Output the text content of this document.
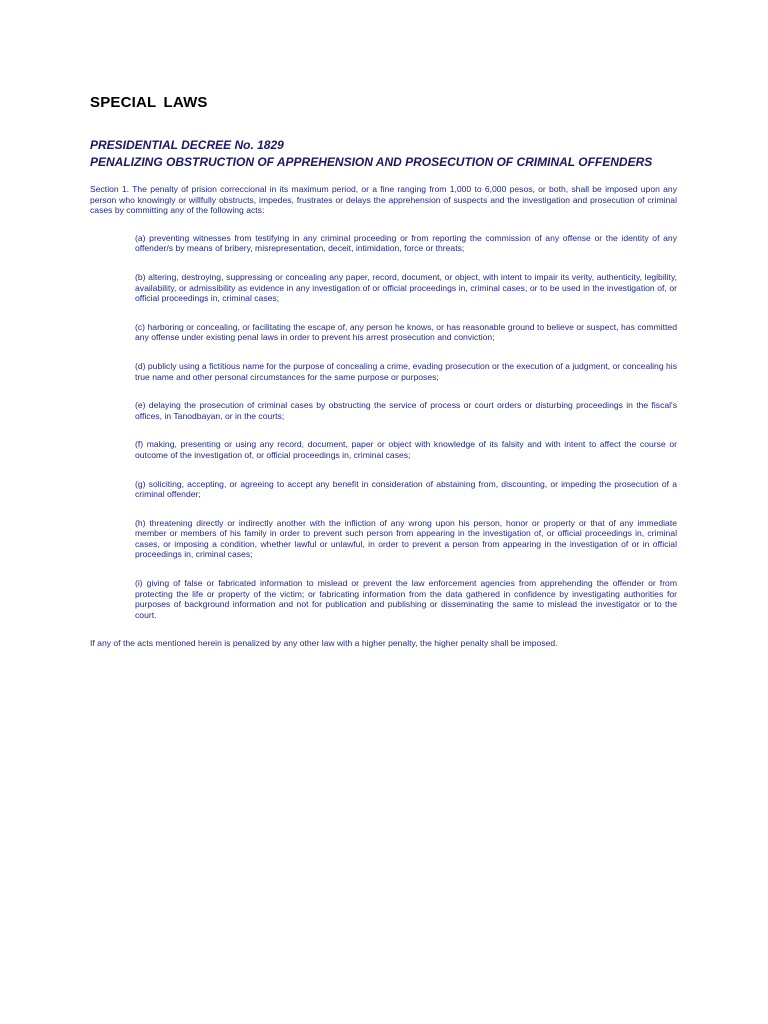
SPECIAL LAWS

PRESIDENTIAL DECREE No. 1829

PENALIZING OBSTRUCTION OF APPREHENSION AND PROSECUTION OF CRIMINAL OFFENDERS

Section 1. The penalty of prision correccional in its maximum period, or a fine ranging from 1,000 to 6,000 pesos, or both, shall be imposed upon any person who knowingly or willfully obstructs, impedes, frustrates or delays the apprehension of suspects and the investigation and prosecution of criminal cases by committing any of the following acts:

(a) preventing witnesses from testifying in any criminal proceeding or from reporting the commission of any offense or the identity of any offender/s by means of bribery, misrepresentation, deceit, intimidation, force or threats;

(b) altering, destroying, suppressing or concealing any paper, record, document, or object, with intent to impair its verity, authenticity, legibility, availability, or admissibility as evidence in any investigation of or official proceedings in, criminal cases, or to be used in the investigation of, or official proceedings in, criminal cases;

(c) harboring or concealing, or facilitating the escape of, any person he knows, or has reasonable ground to believe or suspect, has committed any offense under existing penal laws in order to prevent his arrest prosecution and conviction;

(d) publicly using a fictitious name for the purpose of concealing a crime, evading prosecution or the execution of a judgment, or concealing his true name and other personal circumstances for the same purpose or purposes;

(e) delaying the prosecution of criminal cases by obstructing the service of process or court orders or disturbing proceedings in the fiscal's offices, in Tanodbayan, or in the courts;

(f) making, presenting or using any record, document, paper or object with knowledge of its falsity and with intent to affect the course or outcome of the investigation of, or official proceedings in, criminal cases;

(g) soliciting, accepting, or agreeing to accept any benefit in consideration of abstaining from, discounting, or impeding the prosecution of a criminal offender;

(h) threatening directly or indirectly another with the infliction of any wrong upon his person, honor or property or that of any immediate member or members of his family in order to prevent such person from appearing in the investigation of, or official proceedings in, criminal cases, or imposing a condition, whether lawful or unlawful, in order to prevent a person from appearing in the investigation of or in official proceedings in, criminal cases;

(i) giving of false or fabricated information to mislead or prevent the law enforcement agencies from apprehending the offender or from protecting the life or property of the victim; or fabricating information from the data gathered in confidence by investigating authorities for purposes of background information and not for publication and publishing or disseminating the same to mislead the investigator or to the court.

If any of the acts mentioned herein is penalized by any other law with a higher penalty, the higher penalty shall be imposed.
